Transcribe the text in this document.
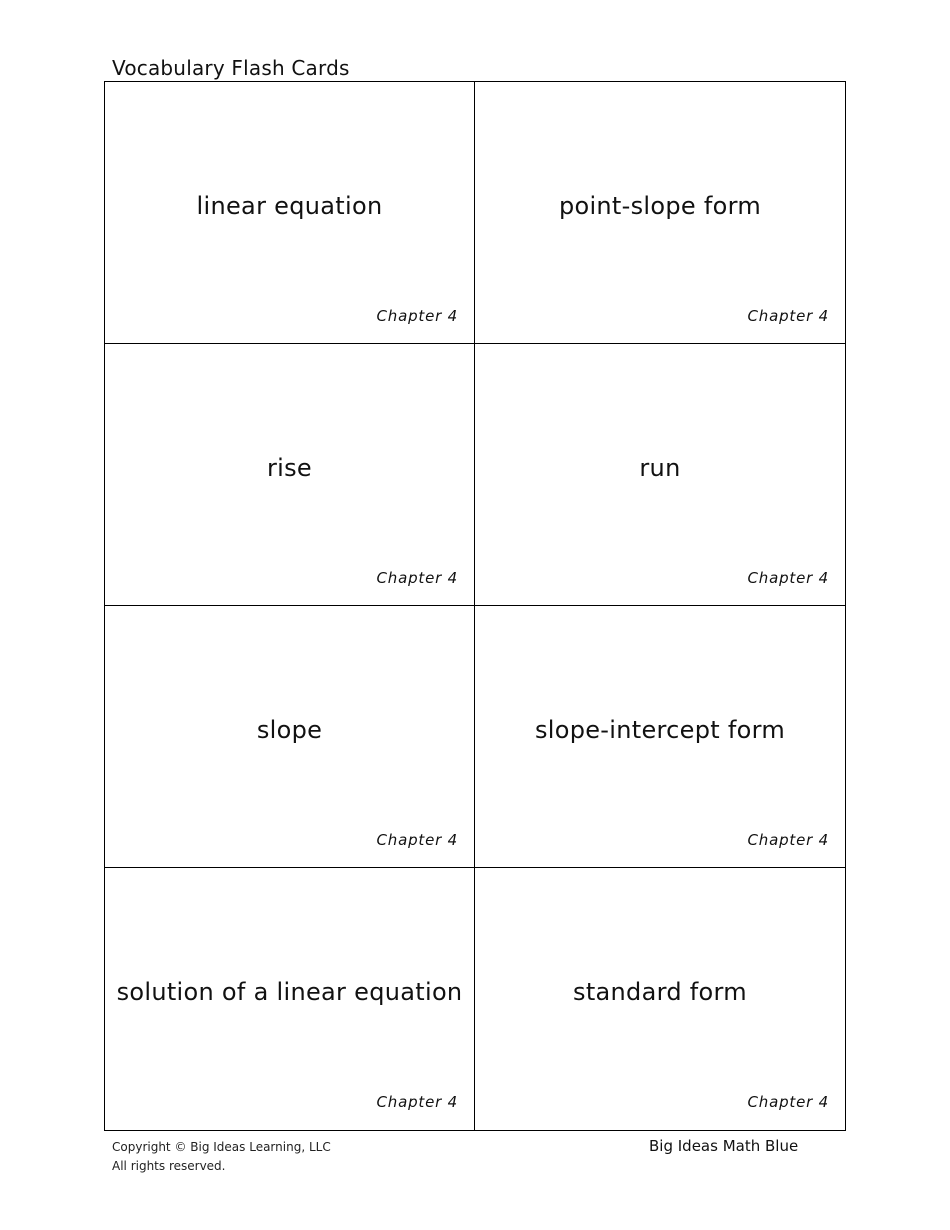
Vocabulary Flash Cards
linear equation
Chapter 4
point-slope form
Chapter 4
rise
Chapter 4
run
Chapter 4
slope
Chapter 4
slope-intercept form
Chapter 4
solution of a linear equation
Chapter 4
standard form
Chapter 4
Copyright © Big Ideas Learning, LLC
All rights reserved.
Big Ideas Math Blue
